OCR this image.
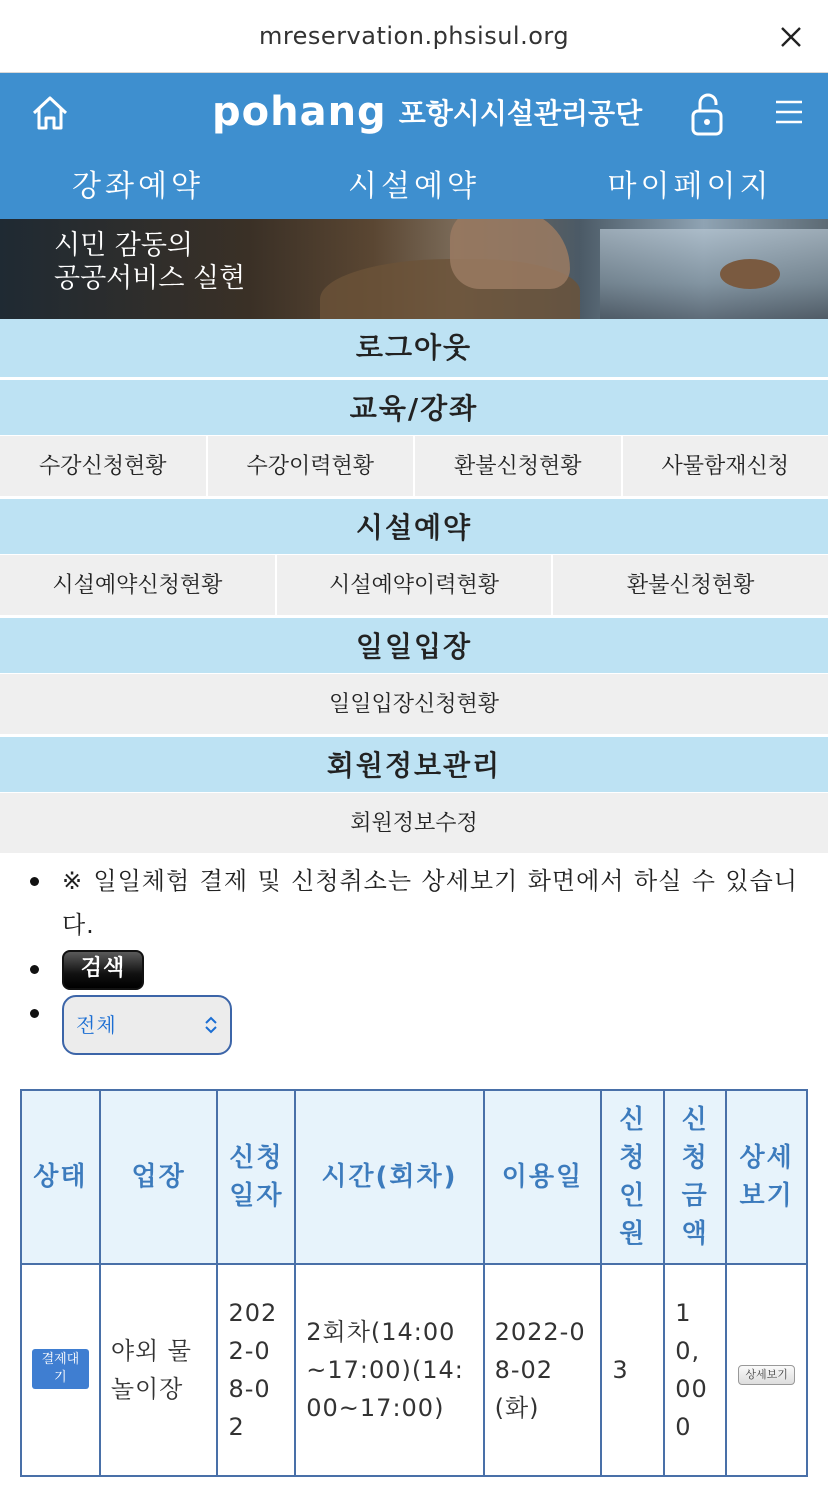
mreservation.phsisul.org
pohang 포항시시설관리공단
강좌예약	시설예약	마이페이지
시민 감동의
공공서비스 실현
로그아웃
교육/강좌
수강신청현황	수강이력현황	환불신청현황	사물함재신청
시설예약
시설예약신청현황	시설예약이력현황	환불신청현황
일일입장
일일입장신청현황
회원정보관리
회원정보수정
※ 일일체험 결제 및 신청취소는 상세보기 화면에서 하실 수 있습니다.
검색
전체
상태	업장	신청일자	시간(회차)	이용일	신청인원	신청금액	상세보기
결제대기	야외 물놀이장	2022-08-02	2회차(14:00~17:00)(14:00~17:00)	2022-08-02(화)	3	10,000	상세보기
